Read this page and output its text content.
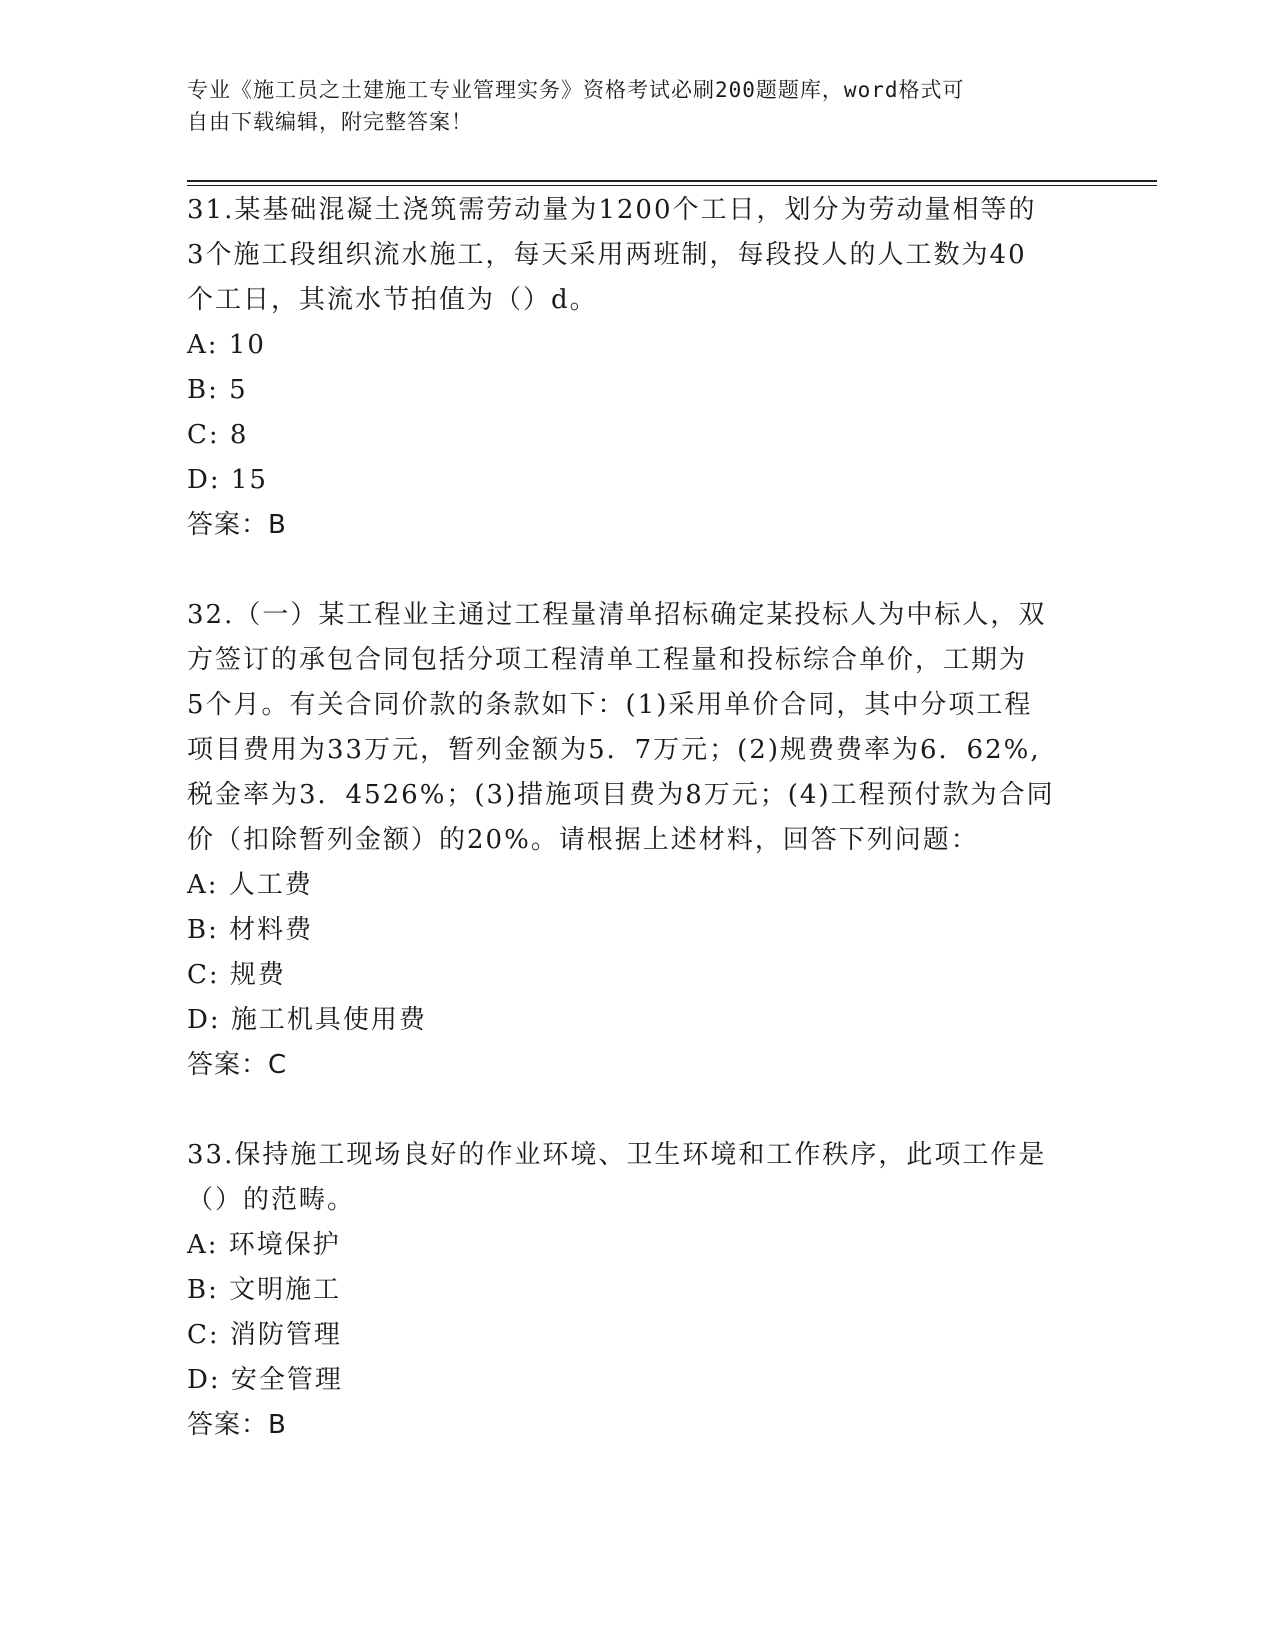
专业《施工员之土建施工专业管理实务》资格考试必刷200题题库，word格式可
自由下载编辑，附完整答案！
31.某基础混凝土浇筑需劳动量为1200个工日，划分为劳动量相等的
3个施工段组织流水施工，每天采用两班制，每段投人的人工数为40
个工日，其流水节拍值为（）d。
A: 10
B: 5
C: 8
D: 15
答案：B
32.（一）某工程业主通过工程量清单招标确定某投标人为中标人，双
方签订的承包合同包括分项工程清单工程量和投标综合单价，工期为
5个月。有关合同价款的条款如下：(1)采用单价合同，其中分项工程
项目费用为33万元，暂列金额为5．7万元；(2)规费费率为6．62%,
税金率为3．4526%；(3)措施项目费为8万元；(4)工程预付款为合同
价（扣除暂列金额）的20%。请根据上述材料，回答下列问题：
A: 人工费
B: 材料费
C: 规费
D: 施工机具使用费
答案：C
33.保持施工现场良好的作业环境、卫生环境和工作秩序，此项工作是
（）的范畴。
A: 环境保护
B: 文明施工
C: 消防管理
D: 安全管理
答案：B
